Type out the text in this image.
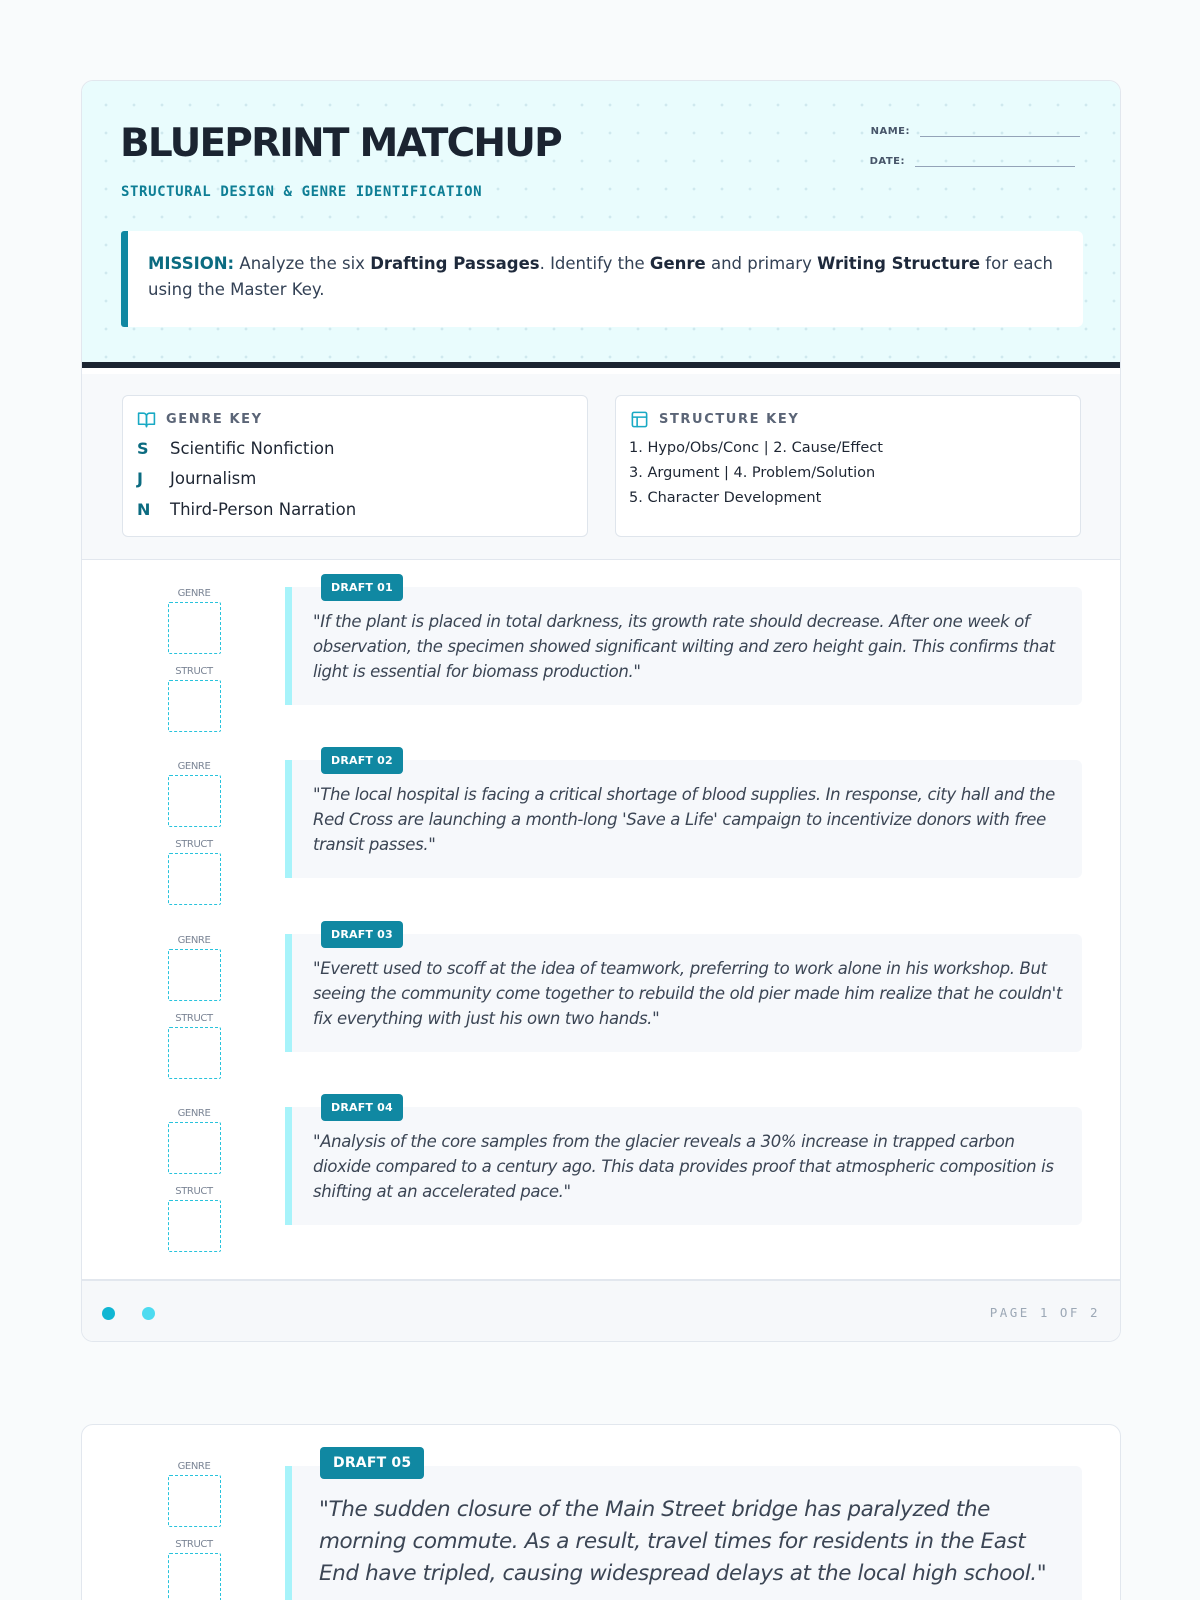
BLUEPRINT MATCHUP
STRUCTURAL DESIGN & GENRE IDENTIFICATION
NAME:
DATE:
MISSION: Analyze the six Drafting Passages. Identify the Genre and primary Writing Structure for each using the Master Key.
GENRE KEY
S	Scientific Nonfiction
J	Journalism
N	Third-Person Narration
STRUCTURE KEY
1. Hypo/Obs/Conc | 2. Cause/Effect
3. Argument | 4. Problem/Solution
5. Character Development
GENRE
STRUCT
"If the plant is placed in total darkness, its growth rate should decrease. After one week of observation, the specimen showed significant wilting and zero height gain. This confirms that light is essential for biomass production."
DRAFT 01
GENRE
STRUCT
"The local hospital is facing a critical shortage of blood supplies. In response, city hall and the Red Cross are launching a month-long 'Save a Life' campaign to incentivize donors with free transit passes."
DRAFT 02
GENRE
STRUCT
"Everett used to scoff at the idea of teamwork, preferring to work alone in his workshop. But seeing the community come together to rebuild the old pier made him realize that he couldn't fix everything with just his own two hands."
DRAFT 03
GENRE
STRUCT
"Analysis of the core samples from the glacier reveals a 30% increase in trapped carbon dioxide compared to a century ago. This data provides proof that atmospheric composition is shifting at an accelerated pace."
DRAFT 04
PAGE 1 OF 2
GENRE
STRUCT
"The sudden closure of the Main Street bridge has paralyzed the morning commute. As a result, travel times for residents in the East End have tripled, causing widespread delays at the local high school."
DRAFT 05
